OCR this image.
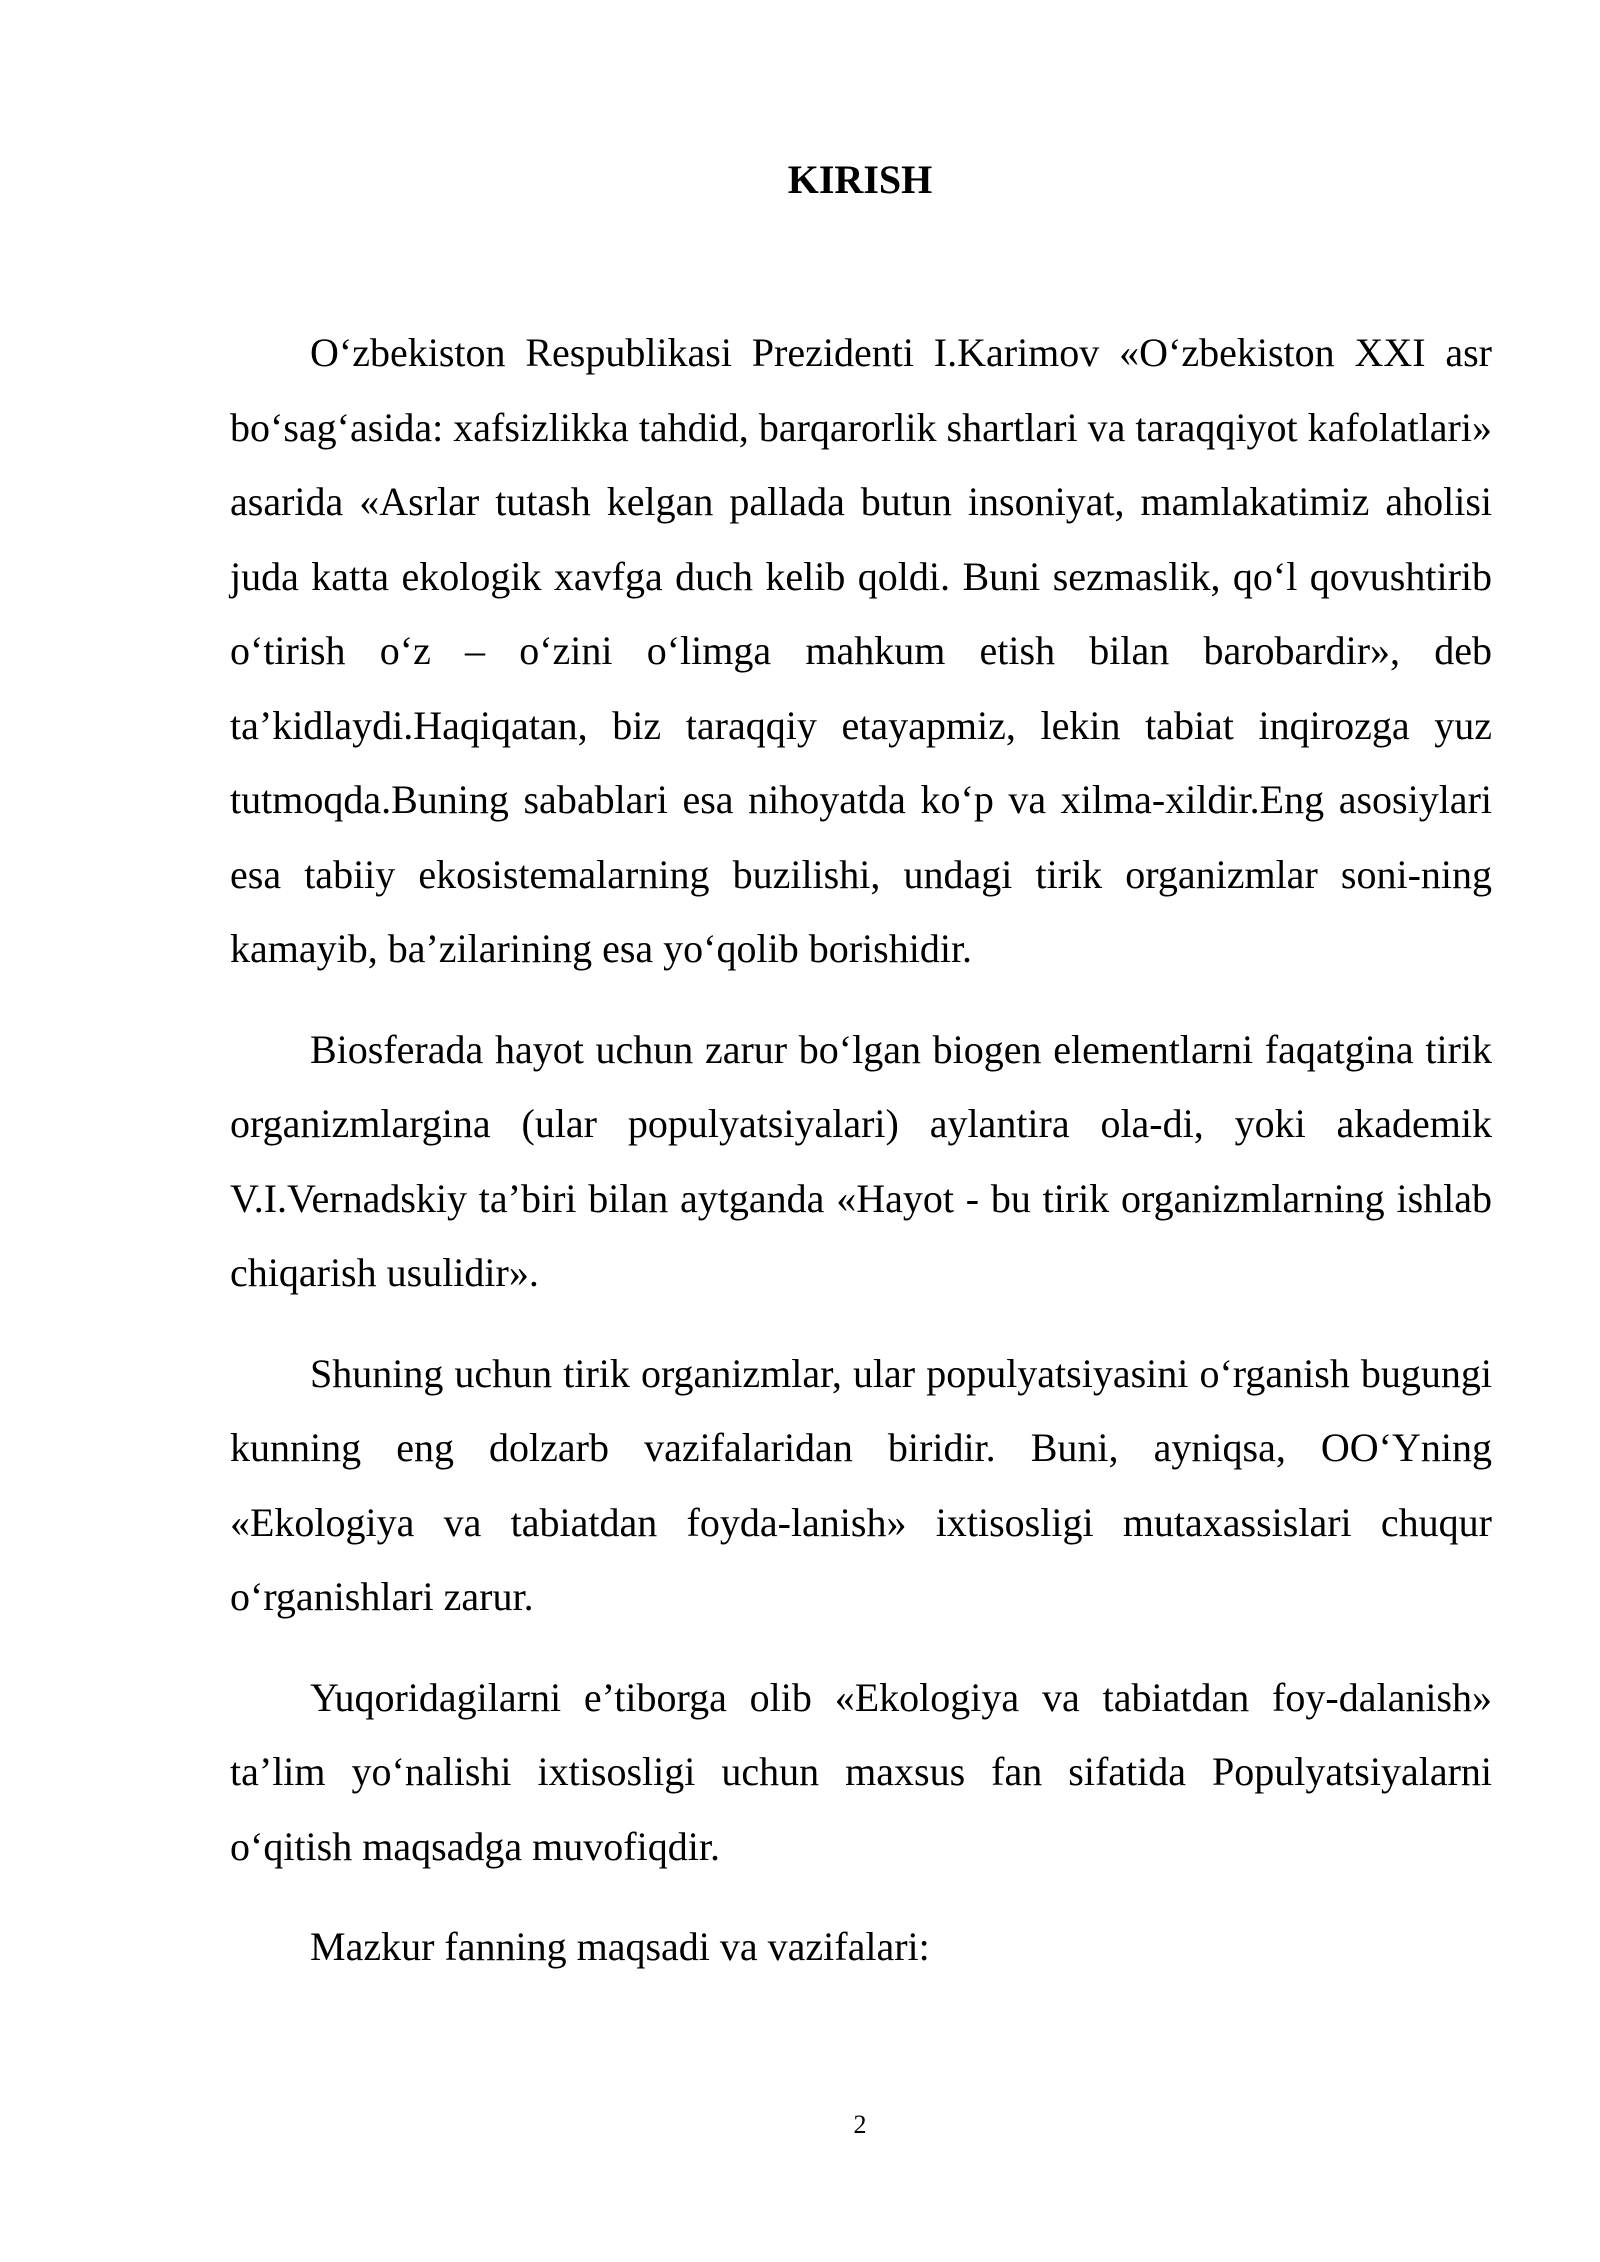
KIRISH

O‘zbekiston Respublikasi Prezidenti I.Karimov «O‘zbekiston XXI asr bo‘sag‘asida: xafsizlikka tahdid, barqarorlik shartlari va taraqqiyot kafolatlari» asarida «Asrlar tutash kelgan pallada butun insoniyat, mamlakatimiz aholisi juda katta ekologik xavfga duch kelib qoldi. Buni sezmaslik, qo‘l qovushtirib o‘tirish o‘z – o‘zini o‘limga mahkum etish bilan barobardir», deb ta’kidlaydi.Haqiqatan, biz taraqqiy etayapmiz, lekin tabiat inqirozga yuz tutmoqda.Buning sabablari esa nihoyatda ko‘p va xilma-xildir.Eng asosiylari esa tabiiy ekosistemalarning buzilishi, undagi tirik organizmlar soni-ning kamayib, ba’zilarining esa yo‘qolib borishidir.

Biosferada hayot uchun zarur bo‘lgan biogen elementlarni faqatgina tirik organizmlargina (ular populyatsiyalari) aylantira ola-di, yoki akademik V.I.Vernadskiy ta’biri bilan aytganda «Hayot - bu tirik organizmlarning ishlab chiqarish usulidir».

Shuning uchun tirik organizmlar, ular populyatsiyasini o‘rganish bugungi kunning eng dolzarb vazifalaridan biridir. Buni, ayniqsa, OO‘Yning «Ekologiya va tabiatdan foyda-lanish» ixtisosligi mutaxassislari chuqur o‘rganishlari zarur.

Yuqoridagilarni e’tiborga olib «Ekologiya va tabiatdan foy-dalanish» ta’lim yo‘nalishi ixtisosligi uchun maxsus fan sifatida Populyatsiyalarni o‘qitish maqsadga muvofiqdir.

Mazkur fanning maqsadi va vazifalari:

2
